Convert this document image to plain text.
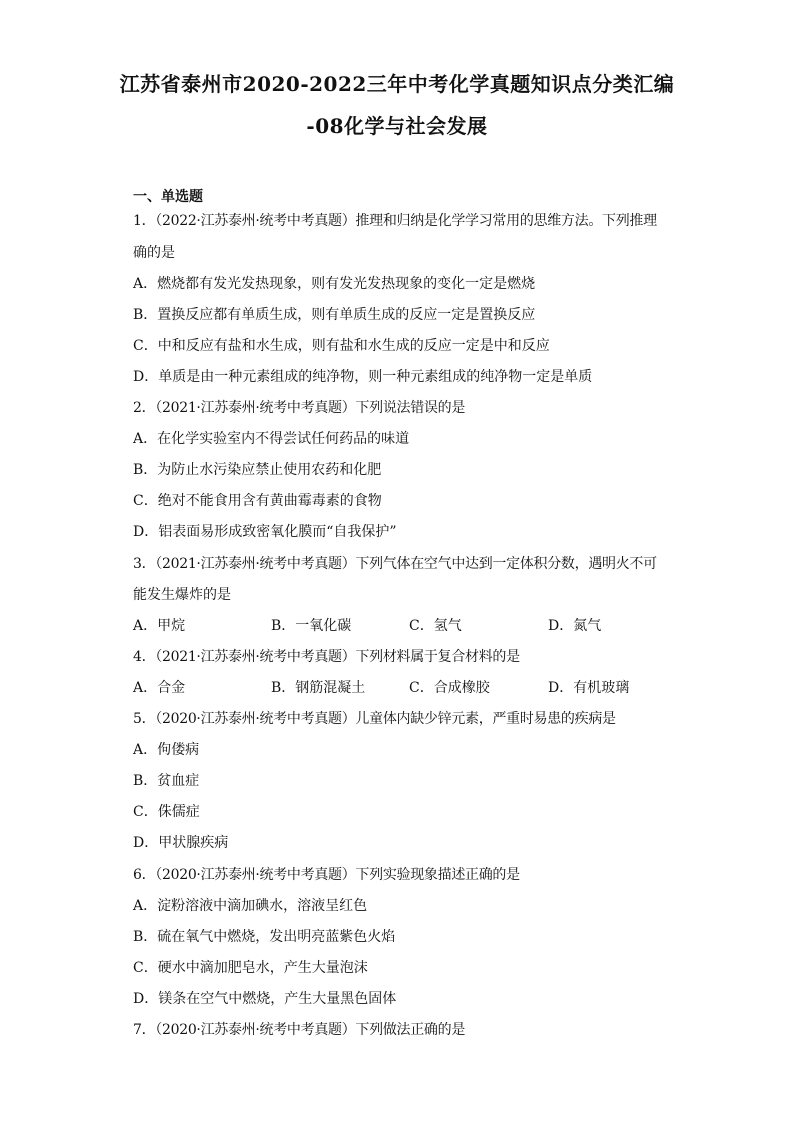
江苏省泰州市2020-2022三年中考化学真题知识点分类汇编
-08化学与社会发展
一、单选题
1．（2022·江苏泰州·统考中考真题）推理和归纳是化学学习常用的思维方法。下列推理
确的是
A．燃烧都有发光发热现象，则有发光发热现象的变化一定是燃烧
B．置换反应都有单质生成，则有单质生成的反应一定是置换反应
C．中和反应有盐和水生成，则有盐和水生成的反应一定是中和反应
D．单质是由一种元素组成的纯净物，则一种元素组成的纯净物一定是单质
2．（2021·江苏泰州·统考中考真题）下列说法错误的是
A．在化学实验室内不得尝试任何药品的味道
B．为防止水污染应禁止使用农药和化肥
C．绝对不能食用含有黄曲霉毒素的食物
D．铝表面易形成致密氧化膜而“自我保护”
3．（2021·江苏泰州·统考中考真题）下列气体在空气中达到一定体积分数，遇明火不可
能发生爆炸的是
A．甲烷	B．一氧化碳	C．氢气	D．氮气
4．（2021·江苏泰州·统考中考真题）下列材料属于复合材料的是
A．合金	B．钢筋混凝土	C．合成橡胶	D．有机玻璃
5．（2020·江苏泰州·统考中考真题）儿童体内缺少锌元素，严重时易患的疾病是
A．佝偻病
B．贫血症
C．侏儒症
D．甲状腺疾病
6．（2020·江苏泰州·统考中考真题）下列实验现象描述正确的是
A．淀粉溶液中滴加碘水，溶液呈红色
B．硫在氧气中燃烧，发出明亮蓝紫色火焰
C．硬水中滴加肥皂水，产生大量泡沫
D．镁条在空气中燃烧，产生大量黑色固体
7．（2020·江苏泰州·统考中考真题）下列做法正确的是
